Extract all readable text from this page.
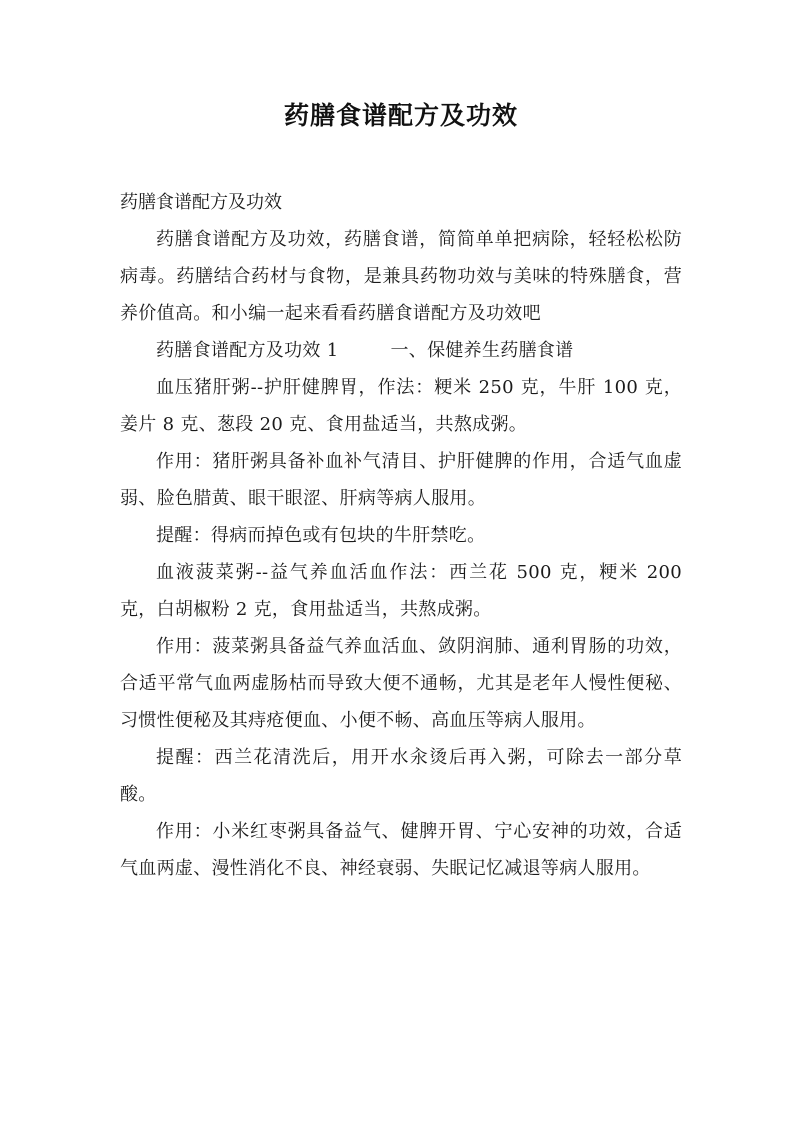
药膳食谱配方及功效
药膳食谱配方及功效

药膳食谱配方及功效，药膳食谱，简简单单把病除，轻轻松松防病毒。药膳结合药材与食物，是兼具药物功效与美味的特殊膳食，营养价值高。和小编一起来看看药膳食谱配方及功效吧

药膳食谱配方及功效 1	一、保健养生药膳食谱

血压猪肝粥--护肝健脾胃，作法：粳米 250 克，牛肝 100 克，姜片 8 克、葱段 20 克、食用盐适当，共熬成粥。

作用：猪肝粥具备补血补气清目、护肝健脾的作用，合适气血虚弱、脸色腊黄、眼干眼涩、肝病等病人服用。

提醒：得病而掉色或有包块的牛肝禁吃。

血液菠菜粥--益气养血活血作法：西兰花 500 克，粳米 200 克，白胡椒粉 2 克，食用盐适当，共熬成粥。

作用：菠菜粥具备益气养血活血、敛阴润肺、通利胃肠的功效，合适平常气血两虚肠枯而导致大便不通畅，尤其是老年人慢性便秘、习惯性便秘及其痔疮便血、小便不畅、高血压等病人服用。

提醒：西兰花清洗后，用开水汆烫后再入粥，可除去一部分草酸。

作用：小米红枣粥具备益气、健脾开胃、宁心安神的功效，合适气血两虚、漫性消化不良、神经衰弱、失眠记忆减退等病人服用。
